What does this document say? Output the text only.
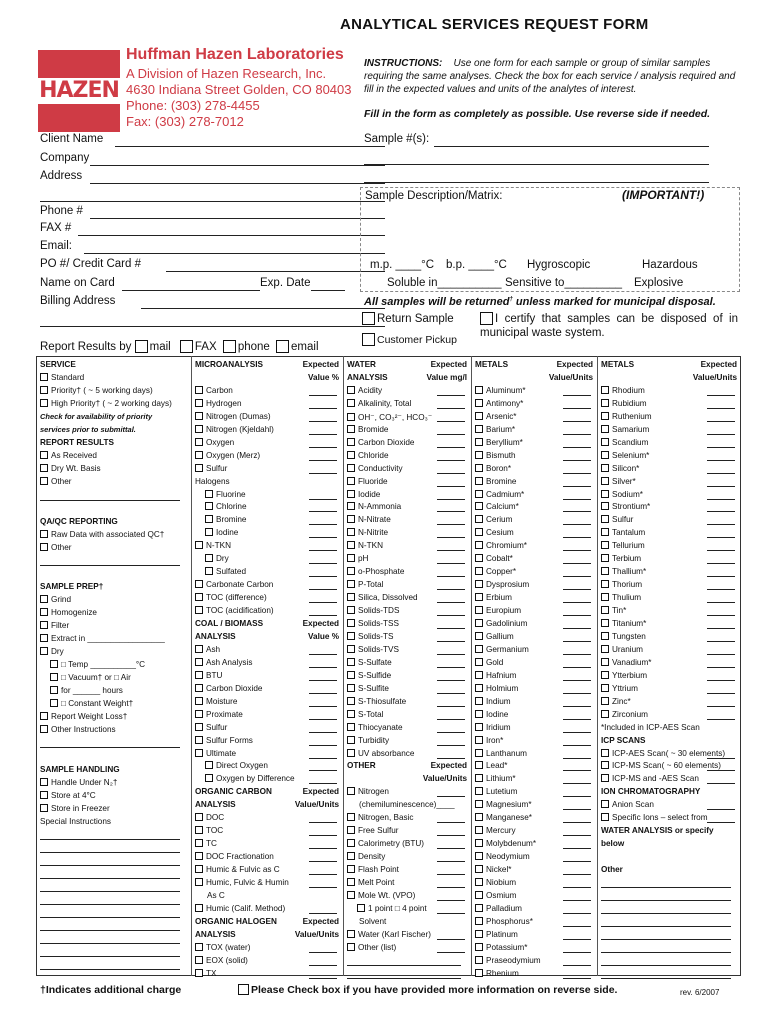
ANALYTICAL SERVICES REQUEST FORM
HAZEN
Huffman Hazen Laboratories
A Division of Hazen Research, Inc.
4630 Indiana Street Golden, CO 80403
Phone: (303) 278-4455
Fax: (303) 278-7012
INSTRUCTIONS: Use one form for each sample or group of similar samples requiring the same analyses. Check the box for each service / analysis required and fill in the expected values and units of the analytes of interest.
Fill in the form as completely as possible. Use reverse side if needed.
Client Name
Company
Address
Phone #
FAX #
Email:
PO #/ Credit Card #
Name on Card	Exp. Date
Billing Address
Sample #(s):
Sample Description/Matrix:	(IMPORTANT!)
m.p. ____°C b.p. ____°C Hygroscopic	Hazardous
Soluble in__________ Sensitive to_________ Explosive
All samples will be returned† unless marked for municipal disposal.
Return Sample
Customer Pickup
I certify that samples can be disposed of in municipal waste system.
Report Results by mail FAX phone email
SERVICE
Standard
Priority† ( ~ 5 working days)
High Priority† ( ~ 2 working days)
Check for availability of priority
services prior to submittal.
REPORT RESULTS
As Received
Dry Wt. Basis
Other
QA/QC REPORTING
Raw Data with associated QC†
Other
SAMPLE PREP†
Grind
Homogenize
Filter
Extract in _________________
Dry
□ Temp __________°C
□ Vacuum† or □ Air
for ______ hours
□ Constant Weight†
Report Weight Loss†
Other Instructions
SAMPLE HANDLING
Handle Under N₂†
Store at 4°C
Store in Freezer
Special Instructions
MICROANALYSIS	Expected
Value %
Carbon
Hydrogen
Nitrogen (Dumas)
Nitrogen (Kjeldahl)
Oxygen
Oxygen (Merz)
Sulfur
Halogens
Fluorine
Chlorine
Bromine
Iodine
N-TKN
Dry
Sulfated
Carbonate Carbon
TOC (difference)
TOC (acidification)
COAL / BIOMASS	Expected
ANALYSIS	Value %
Ash
Ash Analysis
BTU
Carbon Dioxide
Moisture
Proximate
Sulfur
Sulfur Forms
Ultimate
Direct Oxygen
Oxygen by Difference
ORGANIC CARBON	Expected
ANALYSIS	Value/Units
DOC
TOC
TC
DOC Fractionation
Humic & Fulvic as C
Humic, Fulvic & Humin
As C
Humic (Calif. Method)
ORGANIC HALOGEN	Expected
ANALYSIS	Value/Units
TOX (water)
EOX (solid)
TX
WATER	Expected
ANALYSIS	Value mg/l
Acidity
Alkalinity, Total
OH⁻, CO₃²⁻, HCO₃⁻
Bromide
Carbon Dioxide
Chloride
Conductivity
Fluoride
Iodide
N-Ammonia
N-Nitrate
N-Nitrite
N-TKN
pH
o-Phosphate
P-Total
Silica, Dissolved
Solids-TDS
Solids-TSS
Solids-TS
Solids-TVS
S-Sulfate
S-Sulfide
S-Sulfite
S-Thiosulfate
S-Total
Thiocyanate
Turbidity
UV absorbance
OTHER	Expected
Value/Units
Nitrogen
(chemiluminescence)____
Nitrogen, Basic
Free Sulfur
Calorimetry (BTU)
Density
Flash Point
Melt Point
Mole Wt. (VPO)
1 point □ 4 point
Solvent
Water (Karl Fischer)
Other (list)
METALS	Expected
Value/Units
Aluminum*
Antimony*
Arsenic*
Barium*
Beryllium*
Bismuth
Boron*
Bromine
Cadmium*
Calcium*
Cerium
Cesium
Chromium*
Cobalt*
Copper*
Dysprosium
Erbium
Europium
Gadolinium
Gallium
Germanium
Gold
Hafnium
Holmium
Indium
Iodine
Iridium
Iron*
Lanthanum
Lead*
Lithium*
Lutetium
Magnesium*
Manganese*
Mercury
Molybdenum*
Neodymium
Nickel*
Niobium
Osmium
Palladium
Phosphorus*
Platinum
Potassium*
Praseodymium
Rhenium
METALS	Expected
Value/Units
Rhodium
Rubidium
Ruthenium
Samarium
Scandium
Selenium*
Silicon*
Silver*
Sodium*
Strontium*
Sulfur
Tantalum
Tellurium
Terbium
Thallium*
Thorium
Thulium
Tin*
Titanium*
Tungsten
Uranium
Vanadium*
Ytterbium
Yttrium
Zinc*
Zirconium
*Included in ICP-AES Scan
ICP SCANS
ICP-AES Scan( ~ 30 elements)
ICP-MS Scan( ~ 60 elements)
ICP-MS and -AES Scan
ION CHROMATOGRAPHY
Anion Scan
Specific Ions – select from
WATER ANALYSIS or specify
below
Other
†Indicates additional charge	Please Check box if you have provided more information on reverse side.	rev. 6/2007
